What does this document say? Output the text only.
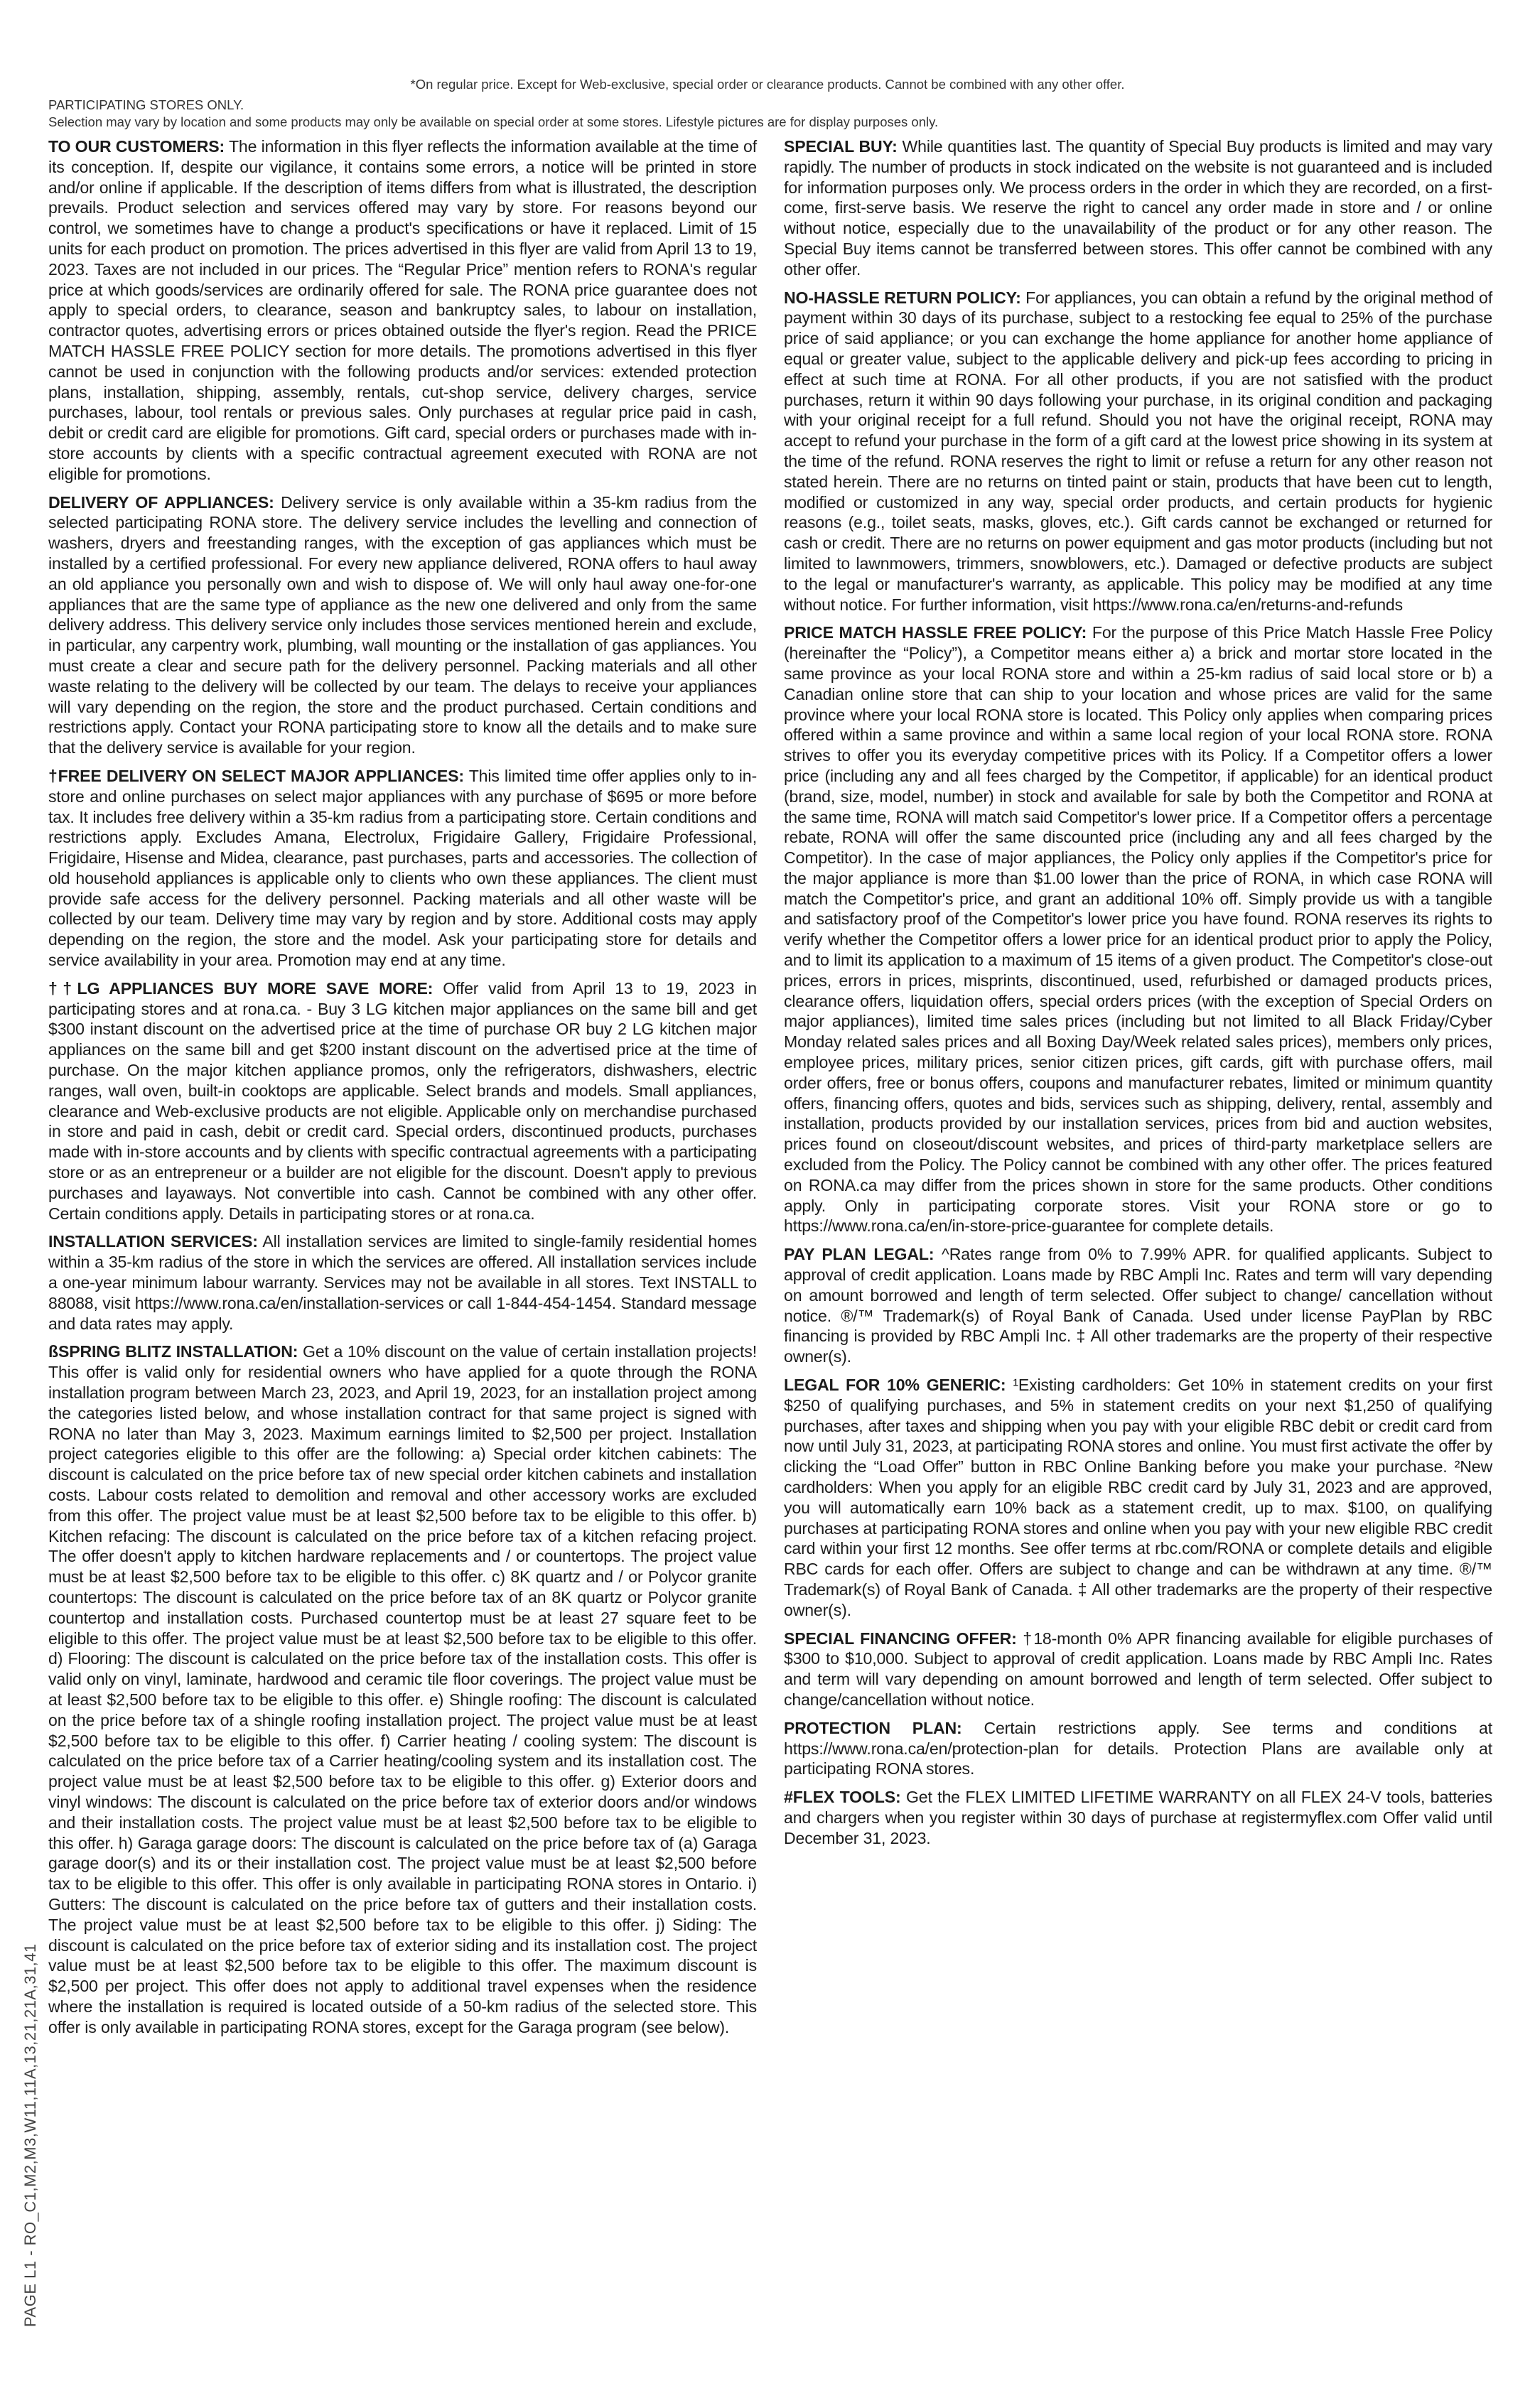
*On regular price. Except for Web-exclusive, special order or clearance products. Cannot be combined with any other offer.
PARTICIPATING STORES ONLY.
Selection may vary by location and some products may only be available on special order at some stores. Lifestyle pictures are for display purposes only.

TO OUR CUSTOMERS: The information in this flyer reflects the information available at the time of its conception. If, despite our vigilance, it contains some errors, a notice will be printed in store and/or online if applicable. If the description of items differs from what is illustrated, the description prevails. Product selection and services offered may vary by store. For reasons beyond our control, we sometimes have to change a product's specifications or have it replaced. Limit of 15 units for each product on promotion. The prices advertised in this flyer are valid from April 13 to 19, 2023. Taxes are not included in our prices. The “Regular Price” mention refers to RONA's regular price at which goods/services are ordinarily offered for sale. The RONA price guarantee does not apply to special orders, to clearance, season and bankruptcy sales, to labour on installation, contractor quotes, advertising errors or prices obtained outside the flyer's region. Read the PRICE MATCH HASSLE FREE POLICY section for more details. The promotions advertised in this flyer cannot be used in conjunction with the following products and/or services: extended protection plans, installation, shipping, assembly, rentals, cut-shop service, delivery charges, service purchases, labour, tool rentals or previous sales. Only purchases at regular price paid in cash, debit or credit card are eligible for promotions. Gift card, special orders or purchases made with in-store accounts by clients with a specific contractual agreement executed with RONA are not eligible for promotions.

DELIVERY OF APPLIANCES: Delivery service is only available within a 35-km radius from the selected participating RONA store. The delivery service includes the levelling and connection of washers, dryers and freestanding ranges, with the exception of gas appliances which must be installed by a certified professional. For every new appliance delivered, RONA offers to haul away an old appliance you personally own and wish to dispose of. We will only haul away one-for-one appliances that are the same type of appliance as the new one delivered and only from the same delivery address. This delivery service only includes those services mentioned herein and exclude, in particular, any carpentry work, plumbing, wall mounting or the installation of gas appliances. You must create a clear and secure path for the delivery personnel. Packing materials and all other waste relating to the delivery will be collected by our team. The delays to receive your appliances will vary depending on the region, the store and the product purchased. Certain conditions and restrictions apply. Contact your RONA participating store to know all the details and to make sure that the delivery service is available for your region.

†FREE DELIVERY ON SELECT MAJOR APPLIANCES: This limited time offer applies only to in-store and online purchases on select major appliances with any purchase of $695 or more before tax. It includes free delivery within a 35-km radius from a participating store. Certain conditions and restrictions apply. Excludes Amana, Electrolux, Frigidaire Gallery, Frigidaire Professional, Frigidaire, Hisense and Midea, clearance, past purchases, parts and accessories. The collection of old household appliances is applicable only to clients who own these appliances. The client must provide safe access for the delivery personnel. Packing materials and all other waste will be collected by our team. Delivery time may vary by region and by store. Additional costs may apply depending on the region, the store and the model. Ask your participating store for details and service availability in your area. Promotion may end at any time.

††LG APPLIANCES BUY MORE SAVE MORE: Offer valid from April 13 to 19, 2023 in participating stores and at rona.ca. - Buy 3 LG kitchen major appliances on the same bill and get $300 instant discount on the advertised price at the time of purchase OR buy 2 LG kitchen major appliances on the same bill and get $200 instant discount on the advertised price at the time of purchase. On the major kitchen appliance promos, only the refrigerators, dishwashers, electric ranges, wall oven, built-in cooktops are applicable. Select brands and models. Small appliances, clearance and Web-exclusive products are not eligible. Applicable only on merchandise purchased in store and paid in cash, debit or credit card. Special orders, discontinued products, purchases made with in-store accounts and by clients with specific contractual agreements with a participating store or as an entrepreneur or a builder are not eligible for the discount. Doesn't apply to previous purchases and layaways. Not convertible into cash. Cannot be combined with any other offer. Certain conditions apply. Details in participating stores or at rona.ca.

INSTALLATION SERVICES: All installation services are limited to single-family residential homes within a 35-km radius of the store in which the services are offered. All installation services include a one-year minimum labour warranty. Services may not be available in all stores. Text INSTALL to 88088, visit https://www.rona.ca/en/installation-services or call 1-844-454-1454. Standard message and data rates may apply.

ßSPRING BLITZ INSTALLATION: Get a 10% discount on the value of certain installation projects! This offer is valid only for residential owners who have applied for a quote through the RONA installation program between March 23, 2023, and April 19, 2023, for an installation project among the categories listed below, and whose installation contract for that same project is signed with RONA no later than May 3, 2023. Maximum earnings limited to $2,500 per project. Installation project categories eligible to this offer are the following: a) Special order kitchen cabinets: The discount is calculated on the price before tax of new special order kitchen cabinets and installation costs. Labour costs related to demolition and removal and other accessory works are excluded from this offer. The project value must be at least $2,500 before tax to be eligible to this offer. b) Kitchen refacing: The discount is calculated on the price before tax of a kitchen refacing project. The offer doesn't apply to kitchen hardware replacements and / or countertops. The project value must be at least $2,500 before tax to be eligible to this offer. c) 8K quartz and / or Polycor granite countertops: The discount is calculated on the price before tax of an 8K quartz or Polycor granite countertop and installation costs. Purchased countertop must be at least 27 square feet to be eligible to this offer. The project value must be at least $2,500 before tax to be eligible to this offer. d) Flooring: The discount is calculated on the price before tax of the installation costs. This offer is valid only on vinyl, laminate, hardwood and ceramic tile floor coverings. The project value must be at least $2,500 before tax to be eligible to this offer. e) Shingle roofing: The discount is calculated on the price before tax of a shingle roofing installation project. The project value must be at least $2,500 before tax to be eligible to this offer. f) Carrier heating / cooling system: The discount is calculated on the price before tax of a Carrier heating/cooling system and its installation cost. The project value must be at least $2,500 before tax to be eligible to this offer. g) Exterior doors and vinyl windows: The discount is calculated on the price before tax of exterior doors and/or windows and their installation costs. The project value must be at least $2,500 before tax to be eligible to this offer. h) Garaga garage doors: The discount is calculated on the price before tax of (a) Garaga garage door(s) and its or their installation cost. The project value must be at least $2,500 before tax to be eligible to this offer. This offer is only available in participating RONA stores in Ontario. i) Gutters: The discount is calculated on the price before tax of gutters and their installation costs. The project value must be at least $2,500 before tax to be eligible to this offer. j) Siding: The discount is calculated on the price before tax of exterior siding and its installation cost. The project value must be at least $2,500 before tax to be eligible to this offer. The maximum discount is $2,500 per project. This offer does not apply to additional travel expenses when the residence where the installation is required is located outside of a 50-km radius of the selected store. This offer is only available in participating RONA stores, except for the Garaga program (see below).

SPECIAL BUY: While quantities last. The quantity of Special Buy products is limited and may vary rapidly. The number of products in stock indicated on the website is not guaranteed and is included for information purposes only. We process orders in the order in which they are recorded, on a first-come, first-serve basis. We reserve the right to cancel any order made in store and / or online without notice, especially due to the unavailability of the product or for any other reason. The Special Buy items cannot be transferred between stores. This offer cannot be combined with any other offer.

NO-HASSLE RETURN POLICY: For appliances, you can obtain a refund by the original method of payment within 30 days of its purchase, subject to a restocking fee equal to 25% of the purchase price of said appliance; or you can exchange the home appliance for another home appliance of equal or greater value, subject to the applicable delivery and pick-up fees according to pricing in effect at such time at RONA. For all other products, if you are not satisfied with the product purchases, return it within 90 days following your purchase, in its original condition and packaging with your original receipt for a full refund. Should you not have the original receipt, RONA may accept to refund your purchase in the form of a gift card at the lowest price showing in its system at the time of the refund. RONA reserves the right to limit or refuse a return for any other reason not stated herein. There are no returns on tinted paint or stain, products that have been cut to length, modified or customized in any way, special order products, and certain products for hygienic reasons (e.g., toilet seats, masks, gloves, etc.). Gift cards cannot be exchanged or returned for cash or credit. There are no returns on power equipment and gas motor products (including but not limited to lawnmowers, trimmers, snowblowers, etc.). Damaged or defective products are subject to the legal or manufacturer's warranty, as applicable. This policy may be modified at any time without notice. For further information, visit https://www.rona.ca/en/returns-and-refunds

PRICE MATCH HASSLE FREE POLICY: For the purpose of this Price Match Hassle Free Policy (hereinafter the “Policy”), a Competitor means either a) a brick and mortar store located in the same province as your local RONA store and within a 25-km radius of said local store or b) a Canadian online store that can ship to your location and whose prices are valid for the same province where your local RONA store is located. This Policy only applies when comparing prices offered within a same province and within a same local region of your local RONA store. RONA strives to offer you its everyday competitive prices with its Policy. If a Competitor offers a lower price (including any and all fees charged by the Competitor, if applicable) for an identical product (brand, size, model, number) in stock and available for sale by both the Competitor and RONA at the same time, RONA will match said Competitor's lower price. If a Competitor offers a percentage rebate, RONA will offer the same discounted price (including any and all fees charged by the Competitor). In the case of major appliances, the Policy only applies if the Competitor's price for the major appliance is more than $1.00 lower than the price of RONA, in which case RONA will match the Competitor's price, and grant an additional 10% off. Simply provide us with a tangible and satisfactory proof of the Competitor's lower price you have found. RONA reserves its rights to verify whether the Competitor offers a lower price for an identical product prior to apply the Policy, and to limit its application to a maximum of 15 items of a given product. The Competitor's close-out prices, errors in prices, misprints, discontinued, used, refurbished or damaged products prices, clearance offers, liquidation offers, special orders prices (with the exception of Special Orders on major appliances), limited time sales prices (including but not limited to all Black Friday/Cyber Monday related sales prices and all Boxing Day/Week related sales prices), members only prices, employee prices, military prices, senior citizen prices, gift cards, gift with purchase offers, mail order offers, free or bonus offers, coupons and manufacturer rebates, limited or minimum quantity offers, financing offers, quotes and bids, services such as shipping, delivery, rental, assembly and installation, products provided by our installation services, prices from bid and auction websites, prices found on closeout/discount websites, and prices of third-party marketplace sellers are excluded from the Policy. The Policy cannot be combined with any other offer. The prices featured on RONA.ca may differ from the prices shown in store for the same products. Other conditions apply. Only in participating corporate stores. Visit your RONA store or go to https://www.rona.ca/en/in-store-price-guarantee for complete details.

PAY PLAN LEGAL: ^Rates range from 0% to 7.99% APR. for qualified applicants. Subject to approval of credit application. Loans made by RBC Ampli Inc. Rates and term will vary depending on amount borrowed and length of term selected. Offer subject to change/ cancellation without notice. ®/™ Trademark(s) of Royal Bank of Canada. Used under license PayPlan by RBC financing is provided by RBC Ampli Inc. ‡ All other trademarks are the property of their respective owner(s).

LEGAL FOR 10% GENERIC: ¹Existing cardholders: Get 10% in statement credits on your first $250 of qualifying purchases, and 5% in statement credits on your next $1,250 of qualifying purchases, after taxes and shipping when you pay with your eligible RBC debit or credit card from now until July 31, 2023, at participating RONA stores and online. You must first activate the offer by clicking the “Load Offer” button in RBC Online Banking before you make your purchase. ²New cardholders: When you apply for an eligible RBC credit card by July 31, 2023 and are approved, you will automatically earn 10% back as a statement credit, up to max. $100, on qualifying purchases at participating RONA stores and online when you pay with your new eligible RBC credit card within your first 12 months. See offer terms at rbc.com/RONA or complete details and eligible RBC cards for each offer. Offers are subject to change and can be withdrawn at any time. ®/™ Trademark(s) of Royal Bank of Canada. ‡ All other trademarks are the property of their respective owner(s).

SPECIAL FINANCING OFFER: †18-month 0% APR financing available for eligible purchases of $300 to $10,000. Subject to approval of credit application. Loans made by RBC Ampli Inc. Rates and term will vary depending on amount borrowed and length of term selected. Offer subject to change/cancellation without notice.

PROTECTION PLAN: Certain restrictions apply. See terms and conditions at https://www.rona.ca/en/protection-plan for details. Protection Plans are available only at participating RONA stores.

#FLEX TOOLS: Get the FLEX LIMITED LIFETIME WARRANTY on all FLEX 24-V tools, batteries and chargers when you register within 30 days of purchase at registermyflex.com Offer valid until December 31, 2023.

PAGE L1 - RO_C1,M2,M3,W11,11A,13,21,21A,31,41
